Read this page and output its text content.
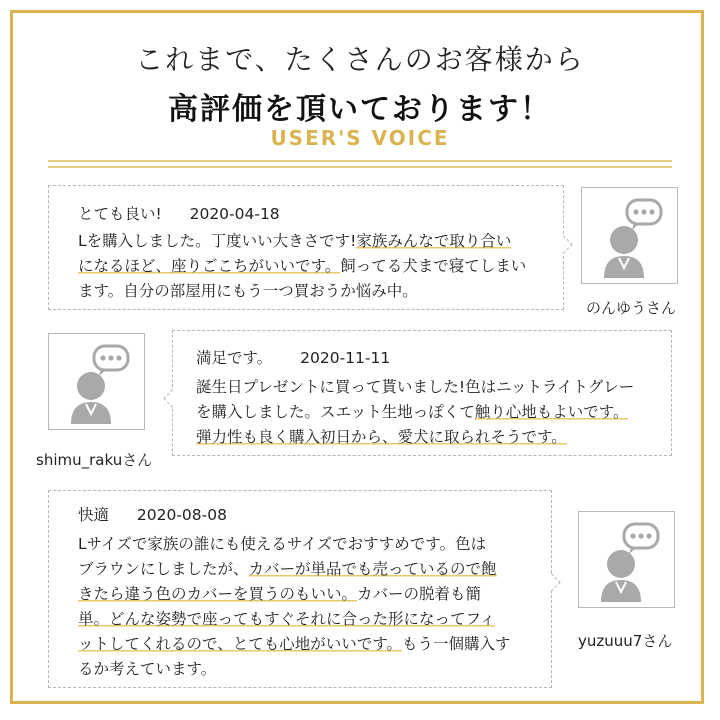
これまで、たくさんのお客様から
高評価を頂いております！
USER'S VOICE
とても良い! 2020-04-18
Lを購入しました。丁度いい大きさです!家族みんなで取り合い
になるほど、座りごこちがいいです。飼ってる犬まで寝てしまい
ます。自分の部屋用にもう一つ買おうか悩み中。
のんゆうさん
満足です。 2020-11-11
誕生日プレゼントに買って貰いました!色はニットライトグレー
を購入しました。スエット生地っぽくて触り心地もよいです。
弾力性も良く購入初日から、愛犬に取られそうです。
shimu_rakuさん
快適 2020-08-08
Lサイズで家族の誰にも使えるサイズでおすすめです。色は
ブラウンにしましたが、カバーが単品でも売っているので飽
きたら違う色のカバーを買うのもいい。カバーの脱着も簡
単。どんな姿勢で座ってもすぐそれに合った形になってフィ
ットしてくれるので、とても心地がいいです。もう一個購入す
るか考えています。
yuzuuu7さん
